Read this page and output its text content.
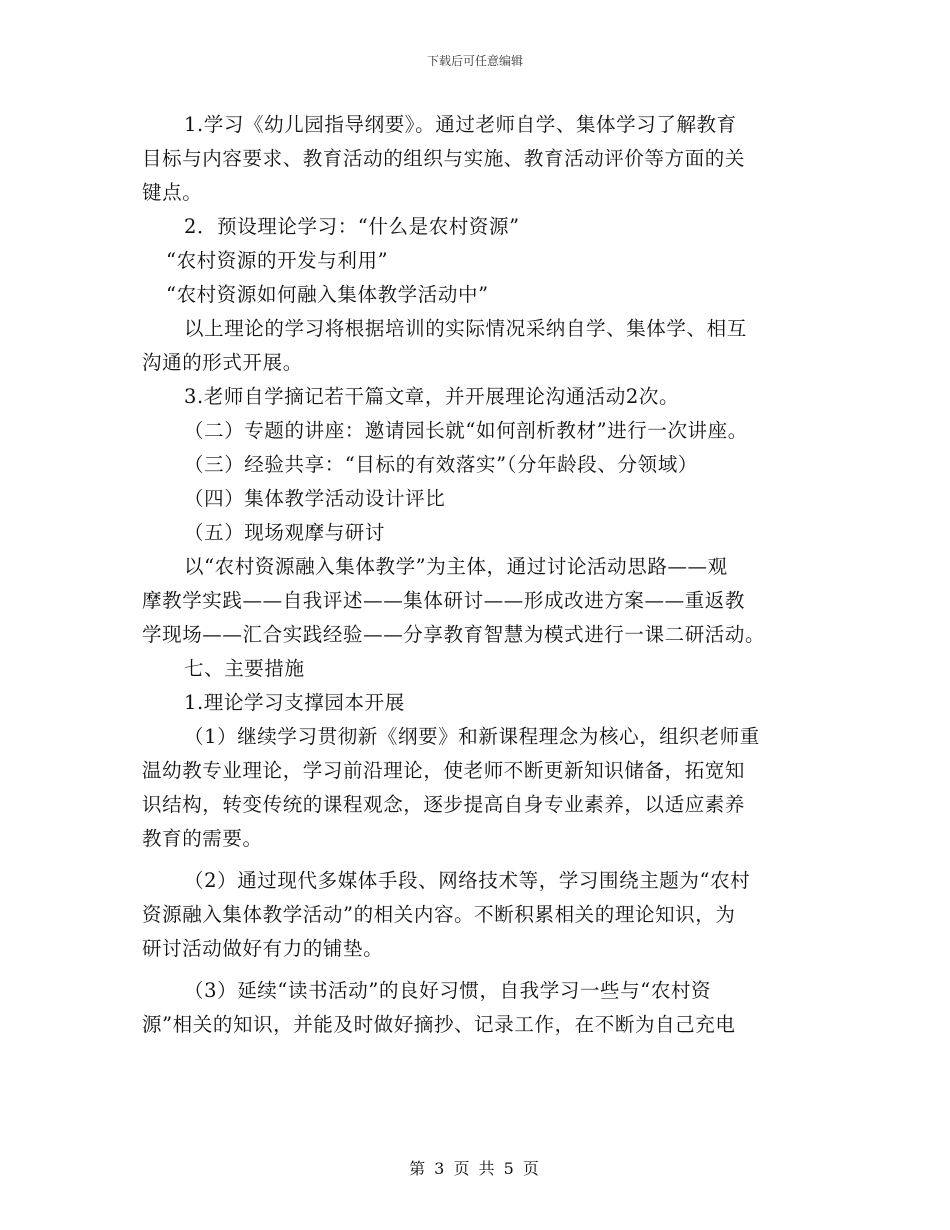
下载后可任意编辑
1.学习《幼儿园指导纲要》。通过老师自学、集体学习了解教育
目标与内容要求、教育活动的组织与实施、教育活动评价等方面的关
键点。
2．预设理论学习：“什么是农村资源”
“农村资源的开发与利用”
“农村资源如何融入集体教学活动中”
以上理论的学习将根据培训的实际情况采纳自学、集体学、相互
沟通的形式开展。
3.老师自学摘记若干篇文章，并开展理论沟通活动2次。
（二）专题的讲座：邀请园长就“如何剖析教材”进行一次讲座。
（三）经验共享：“目标的有效落实”（分年龄段、分领域）
（四）集体教学活动设计评比
（五）现场观摩与研讨
以“农村资源融入集体教学”为主体，通过讨论活动思路——观
摩教学实践——自我评述——集体研讨——形成改进方案——重返教
学现场——汇合实践经验——分享教育智慧为模式进行一课二研活动。
七、主要措施
1.理论学习支撑园本开展
（1）继续学习贯彻新《纲要》和新课程理念为核心，组织老师重
温幼教专业理论，学习前沿理论，使老师不断更新知识储备，拓宽知
识结构，转变传统的课程观念，逐步提高自身专业素养，以适应素养
教育的需要。
（2）通过现代多媒体手段、网络技术等，学习围绕主题为“农村
资源融入集体教学活动”的相关内容。不断积累相关的理论知识，为
研讨活动做好有力的铺垫。
（3）延续“读书活动”的良好习惯，自我学习一些与“农村资
源”相关的知识，并能及时做好摘抄、记录工作，在不断为自己充电
第 3 页 共 5 页
